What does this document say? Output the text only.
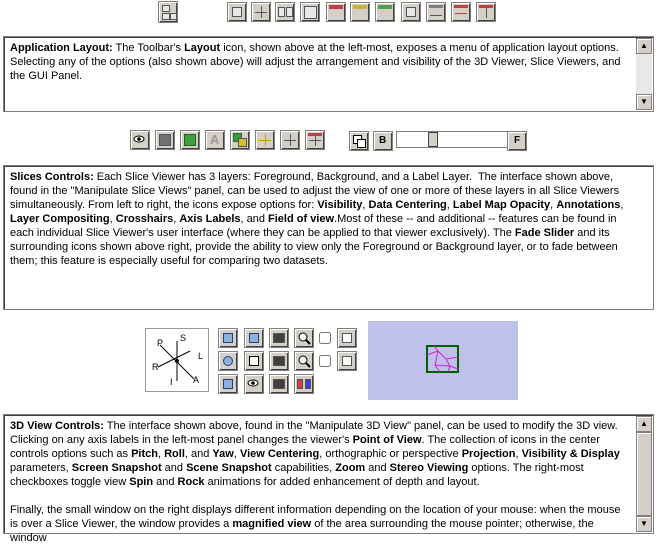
Application Layout: The Toolbar's Layout icon, shown above at the left-most, exposes a menu of application layout options. Selecting any of the options (also shown above) will adjust the arrangement and visibility of the 3D Viewer, Slice Viewers, and the GUI Panel.
▲
▼
A	B	F
Slices Controls: Each Slice Viewer has 3 layers: Foreground, Background, and a Label Layer.  The interface shown above, found in the "Manipulate Slice Views" panel, can be used to adjust the view of one or more of these layers in all Slice Viewers simultaneously. From left to right, the icons expose options for: Visibility, Data Centering, Label Map Opacity, Annotations, Layer Compositing, Crosshairs, Axis Labels, and Field of view.Most of these -- and additional -- features can be found in each individual Slice Viewer's user interface (where they can be applied to that viewer exclusively). The Fade Slider and its surrounding icons shown above right, provide the ability to view only the Foreground or Background layer, or to fade between them; this feature is especially useful for comparing two datasets.
P S
L
R
I A
3D View Controls: The interface shown above, found in the "Manipulate 3D View" panel, can be used to modify the 3D view. Clicking on any axis labels in the left-most panel changes the viewer's Point of View. The collection of icons in the center controls options such as Pitch, Roll, and Yaw, View Centering, orthographic or perspective Projection, Visibility & Display parameters, Screen Snapshot and Scene Snapshot capabilities, Zoom and Stereo Viewing options. The right-most checkboxes toggle view Spin and Rock animations for added enhancement of depth and layout.

Finally, the small window on the right displays different information depending on the location of your mouse: when the mouse is over a Slice Viewer, the window provides a magnified view of the area surrounding the mouse pointer; otherwise, the window
▲
▼
